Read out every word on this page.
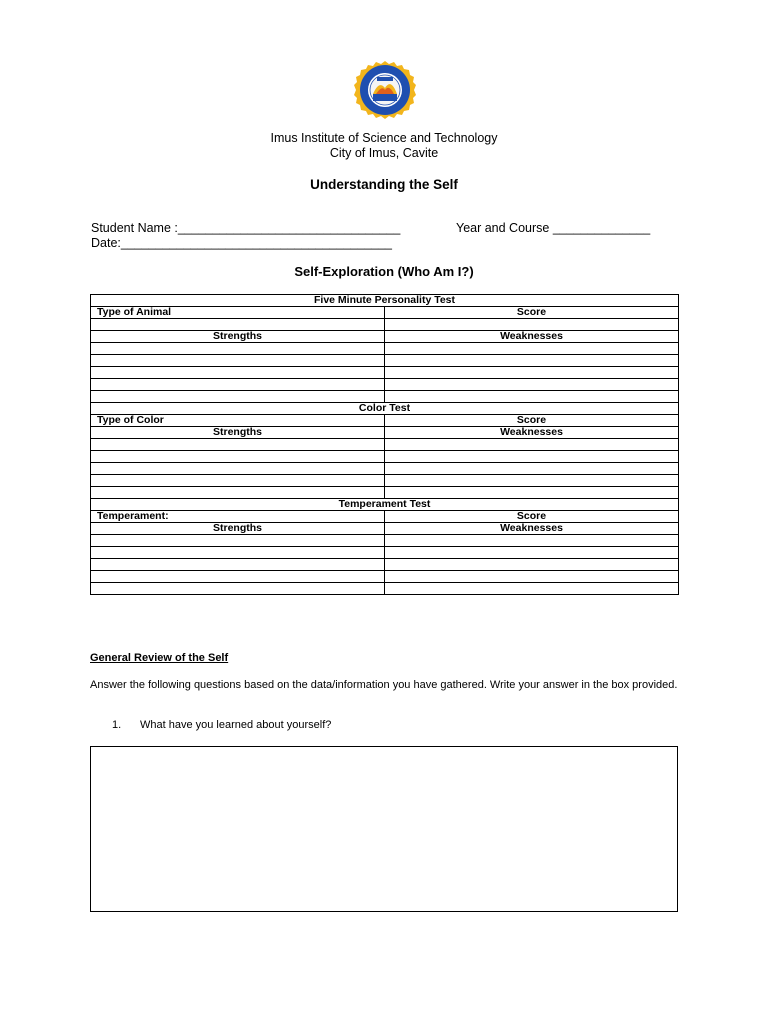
Imus Institute of Science and Technology
City of Imus, Cavite
Understanding the Self
Student Name :________________________________	Year and Course ______________
Date:_______________________________________
Self-Exploration (Who Am I?)
Five Minute Personality Test	
Type of Animal	Score

Strengths	Weaknesses

Color Test	
Type of Color	Score
Strengths	Weaknesses

Temperament Test	
Temperament:	Score
Strengths	Weaknesses

General Review of the Self
Answer the following questions based on the data/information you have gathered. Write your answer in the box provided.
1. What have you learned about yourself?
